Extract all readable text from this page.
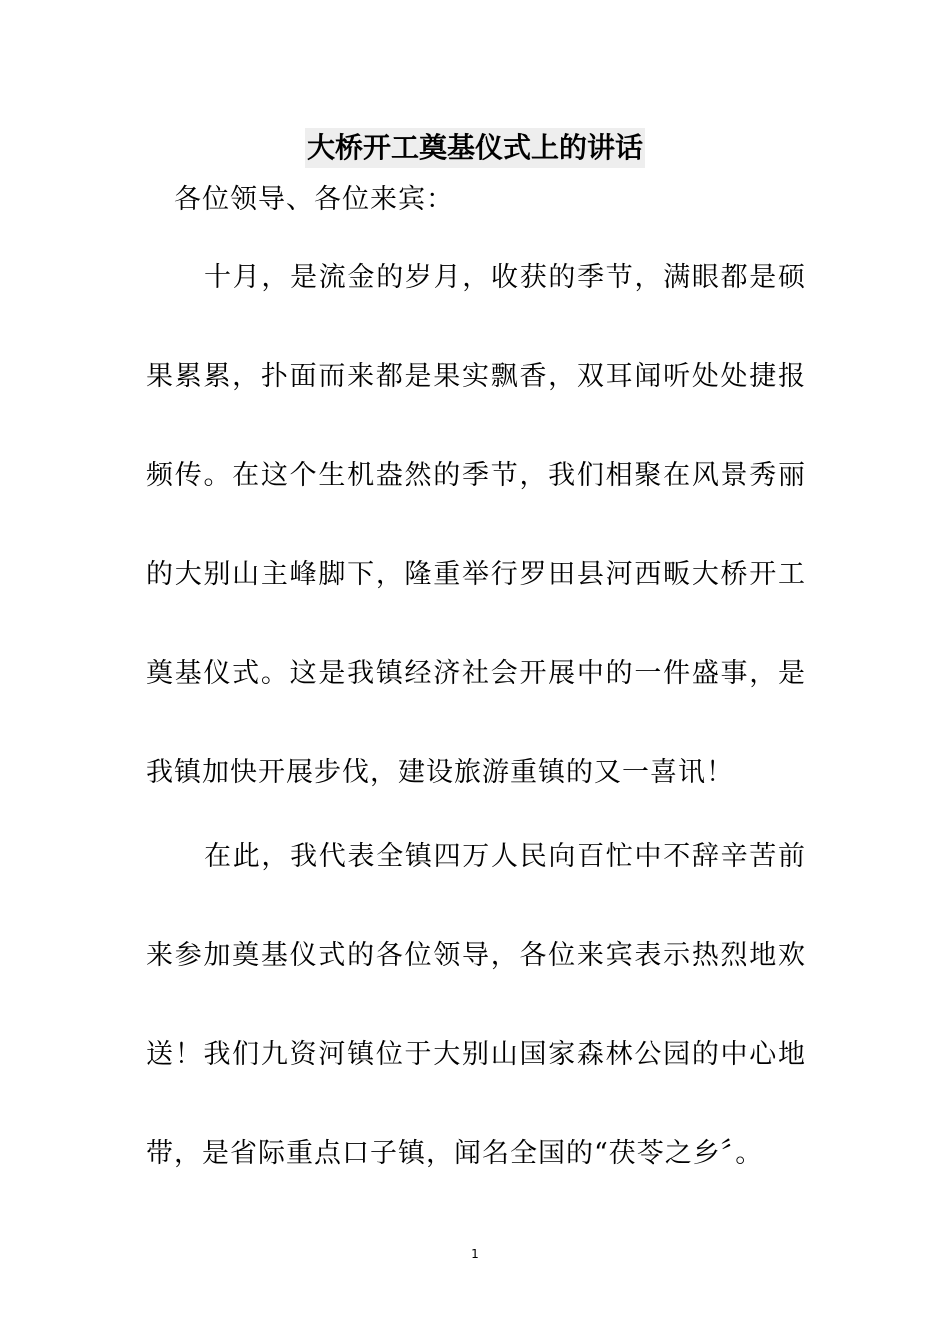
大桥开工奠基仪式上的讲话
各位领导、各位来宾：
十月，是流金的岁月，收获的季节，满眼都是硕果累累，扑面而来都是果实飘香，双耳闻听处处捷报频传。在这个生机盎然的季节，我们相聚在风景秀丽的大别山主峰脚下，隆重举行罗田县河西畈大桥开工奠基仪式。这是我镇经济社会开展中的一件盛事，是我镇加快开展步伐，建设旅游重镇的又一喜讯！
在此，我代表全镇四万人民向百忙中不辞辛苦前来参加奠基仪式的各位领导，各位来宾表示热烈地欢送！我们九资河镇位于大别山国家森林公园的中心地带，是省际重点口子镇，闻名全国的“茯苓之乡〞。
1
